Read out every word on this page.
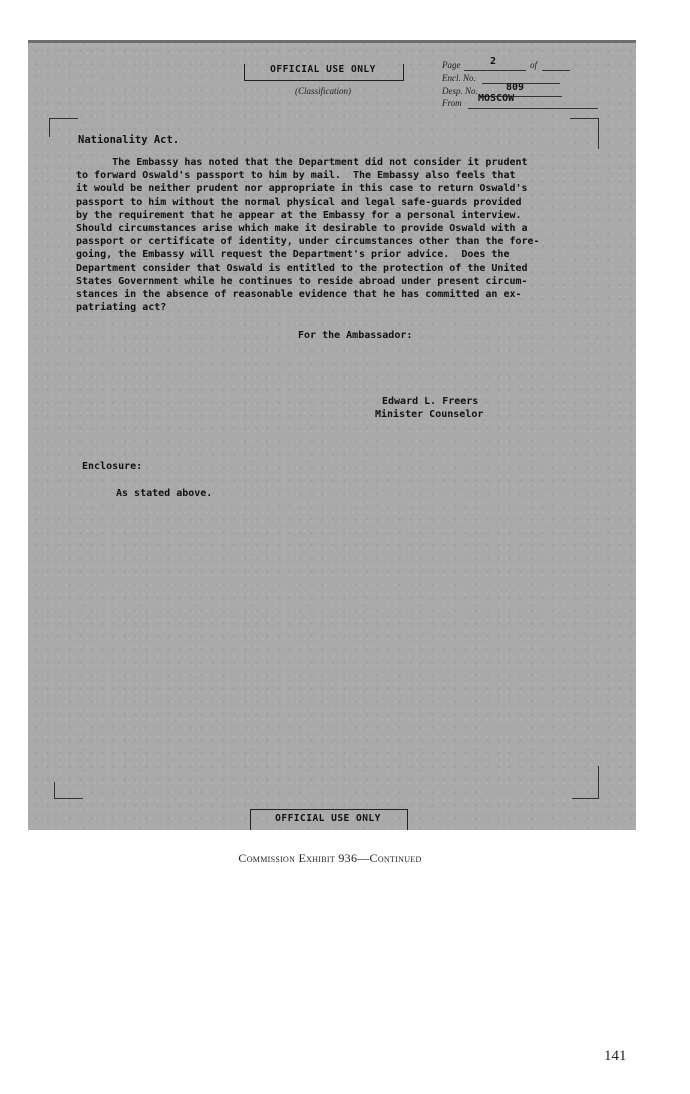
OFFICIAL USE ONLY
(Classification)
Page	2	of
Encl. No.
Desp. No.	809
From MOSCOW
Nationality Act.
The Embassy has noted that the Department did not consider it prudent
to forward Oswald's passport to him by mail.  The Embassy also feels that
it would be neither prudent nor appropriate in this case to return Oswald's
passport to him without the normal physical and legal safe-guards provided
by the requirement that he appear at the Embassy for a personal interview.
Should circumstances arise which make it desirable to provide Oswald with a
passport or certificate of identity, under circumstances other than the fore-
going, the Embassy will request the Department's prior advice.  Does the
Department consider that Oswald is entitled to the protection of the United
States Government while he continues to reside abroad under present circum-
stances in the absence of reasonable evidence that he has committed an ex-
patriating act?
For the Ambassador:
Edward L. Freers
Minister Counselor
Enclosure:
As stated above.
OFFICIAL USE ONLY
Commission Exhibit 936—Continued
141
